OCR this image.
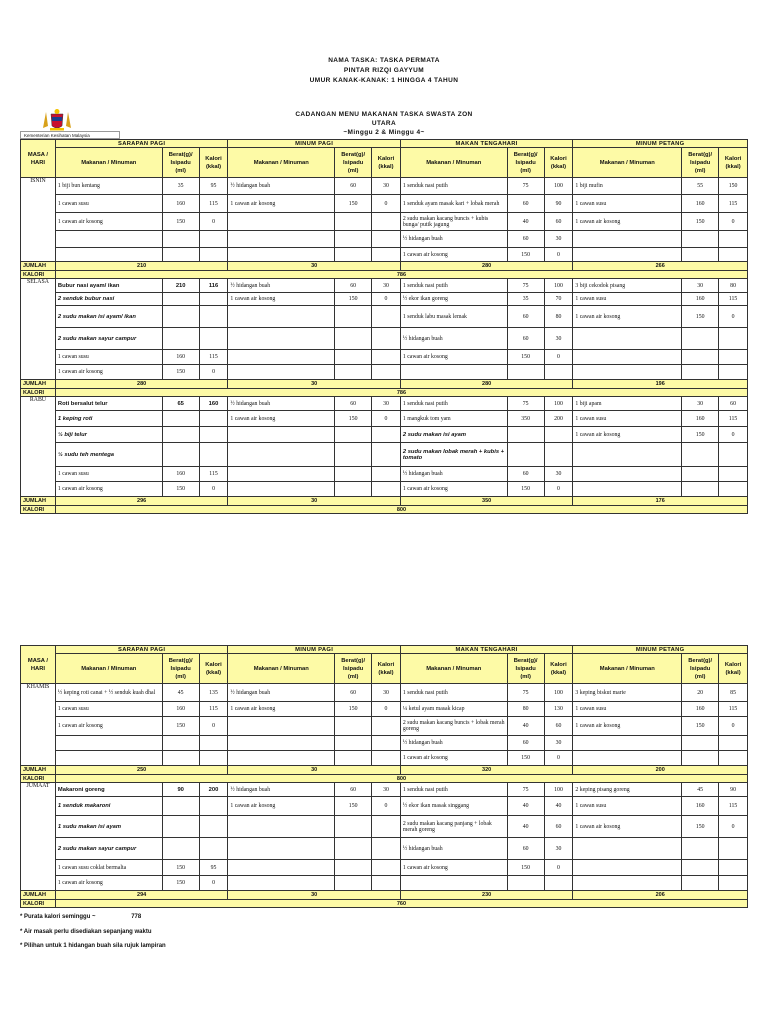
NAMA TASKA: TASKA PERMATA
PINTAR RIZQI GAYYUM
UMUR KANAK-KANAK: 1 HINGGA 4 TAHUN
CADANGAN MENU MAKANAN TASKA SWASTA ZON
UTARA
~Minggu 2 & Minggu 4~
Kementerian Kesihatan Malaysia
MASA / HARI	SARAPAN PAGI			MINUM PAGI			MAKAN TENGAHARI			MINUM PETANG		
	Makanan / Minuman	Berat(g)/ Isipadu (ml)	Kalori (kkal)	Makanan / Minuman	Berat(g)/ Isipadu (ml)	Kalori (kkal)	Makanan / Minuman	Berat(g)/ Isipadu (ml)	Kalori (kkal)	Makanan / Minuman	Berat(g)/ Isipadu (ml)	Kalori (kkal)
ISNIN	1 biji bun kentang	35	95	½ hidangan buah	60	30	1 senduk nasi putih	75	100	1 biji mufin	55	150
	1 cawan susu	160	115	1 cawan air kosong	150	0	1 senduk ayam masak kari + lobak merah	60	90	1 cawan susu	160	115
	1 cawan air kosong	150	0				2 sudu makan kacang buncis + kubis bunga/ putik jagung	40	60	1 cawan air kosong	150	0
							½ hidangan buah	60	30			
							1 cawan air kosong	150	0			
JUMLAH	210			30			280			266		
KALORI	786											
SELASA	Bubur nasi ayam/ ikan	210	116	½ hidangan buah	60	30	1 senduk nasi putih	75	100	3 biji cekodok pisang	30	80
	2 senduk bubur nasi			1 cawan air kosong	150	0	½ ekor ikan goreng	35	70	1 cawan susu	160	115
	2 sudu makan isi ayam/ ikan						1 senduk labu masak lemak	60	80	1 cawan air kosong	150	0
	2 sudu makan sayur campur						½ hidangan buah	60	30			
	1 cawan susu	160	115				1 cawan air kosong	150	0			
	1 cawan air kosong	150	0									
JUMLAH	280			30			280			196		
KALORI	786											
RABU	Roti bersalut telur	65	160	½ hidangan buah	60	30	1 senduk nasi putih	75	100	1 biji apam	30	60
	1 keping roti			1 cawan air kosong	150	0	1 mangkuk tom yam	350	200	1 cawan susu	160	115
	½ biji telur						2 sudu makan isi ayam			1 cawan air kosong	150	0
	½ sudu teh mentega						2 sudu makan lobak merah + kubis + tomato					
	1 cawan susu	160	115				½ hidangan buah	60	30			
	1 cawan air kosong	150	0				1 cawan air kosong	150	0			
JUMLAH	296			30			350			176		
KALORI	800											
MASA / HARI	SARAPAN PAGI			MINUM PAGI			MAKAN TENGAHARI			MINUM PETANG		
	Makanan / Minuman	Berat(g)/ Isipadu (ml)	Kalori (kkal)	Makanan / Minuman	Berat(g)/ Isipadu (ml)	Kalori (kkal)	Makanan / Minuman	Berat(g)/ Isipadu (ml)	Kalori (kkal)	Makanan / Minuman	Berat(g)/ Isipadu (ml)	Kalori (kkal)
KHAMIS	½ keping roti canai + ½ senduk kuah dhal	45	135	½ hidangan buah	60	30	1 senduk nasi putih	75	100	3 keping biskut marie	20	85
	1 cawan susu	160	115	1 cawan air kosong	150	0	¼ ketul ayam masak kicap	80	130	1 cawan susu	160	115
	1 cawan air kosong	150	0				2 sudu makan kacang buncis + lobak merah goreng	40	60	1 cawan air kosong	150	0
							½ hidangan buah	60	30			
							1 cawan air kosong	150	0			
JUMLAH	250			30			320			200		
KALORI	800											
JUMAAT	Makaroni goreng	90	200	½ hidangan buah	60	30	1 senduk nasi putih	75	100	2 keping pisang goreng	45	90
	1 senduk makaroni			1 cawan air kosong	150	0	½ ekor ikan masak singgang	40	40	1 cawan susu	160	115
	1 sudu makan isi ayam						2 sudu makan kacang panjang + lobak merah goreng	40	60	1 cawan air kosong	150	0
	2 sudu makan sayur campur						½ hidangan buah	60	30			
	1 cawan susu coklat bermalta	150	95				1 cawan air kosong	150	0			
	1 cawan air kosong	150	0									
JUMLAH	294			30			230			206		
KALORI	760											
* Purata kalori seminggu ~	778
* Air masak perlu disediakan sepanjang waktu
* Pilihan untuk 1 hidangan buah sila rujuk lampiran
